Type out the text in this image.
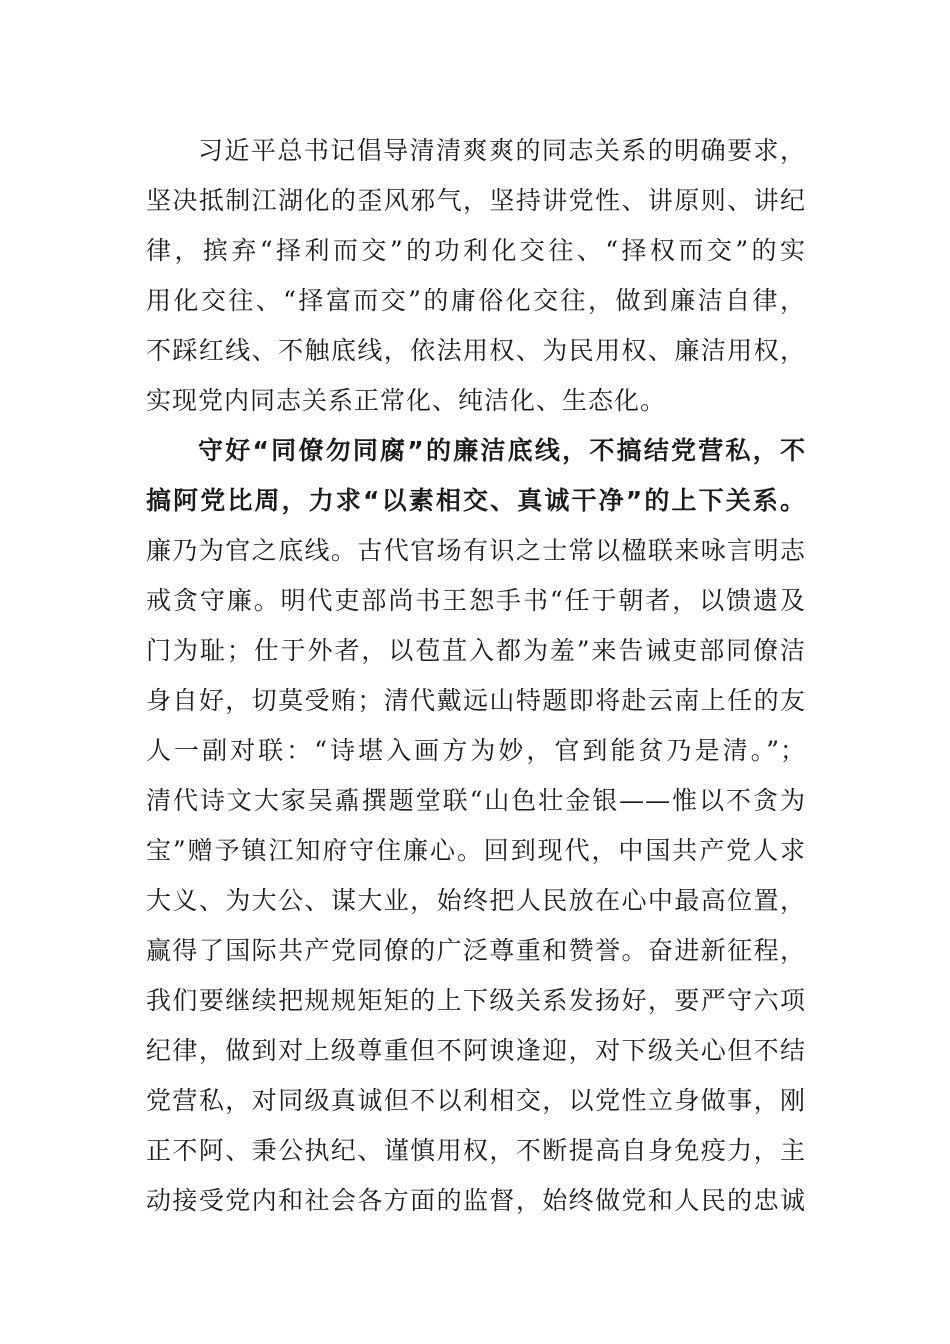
习近平总书记倡导清清爽爽的同志关系的明确要求，
坚决抵制江湖化的歪风邪气，坚持讲党性、讲原则、讲纪
律，摈弃“择利而交”的功利化交往、“择权而交”的实
用化交往、“择富而交”的庸俗化交往，做到廉洁自律，
不踩红线、不触底线，依法用权、为民用权、廉洁用权，
实现党内同志关系正常化、纯洁化、生态化。
守好“同僚勿同腐”的廉洁底线，不搞结党营私，不
搞阿党比周，力求“以素相交、真诚干净”的上下关系。
廉乃为官之底线。古代官场有识之士常以楹联来咏言明志
戒贪守廉。明代吏部尚书王恕手书“任于朝者，以馈遗及
门为耻；仕于外者，以苞苴入都为羞”来告诫吏部同僚洁
身自好，切莫受贿；清代戴远山特题即将赴云南上任的友
人一副对联：“诗堪入画方为妙，官到能贫乃是清。”；
清代诗文大家吴鼒撰题堂联“山色壮金银——惟以不贪为
宝”赠予镇江知府守住廉心。回到现代，中国共产党人求
大义、为大公、谋大业，始终把人民放在心中最高位置，
赢得了国际共产党同僚的广泛尊重和赞誉。奋进新征程，
我们要继续把规规矩矩的上下级关系发扬好，要严守六项
纪律，做到对上级尊重但不阿谀逢迎，对下级关心但不结
党营私，对同级真诚但不以利相交，以党性立身做事，刚
正不阿、秉公执纪、谨慎用权，不断提高自身免疫力，主
动接受党内和社会各方面的监督，始终做党和人民的忠诚
